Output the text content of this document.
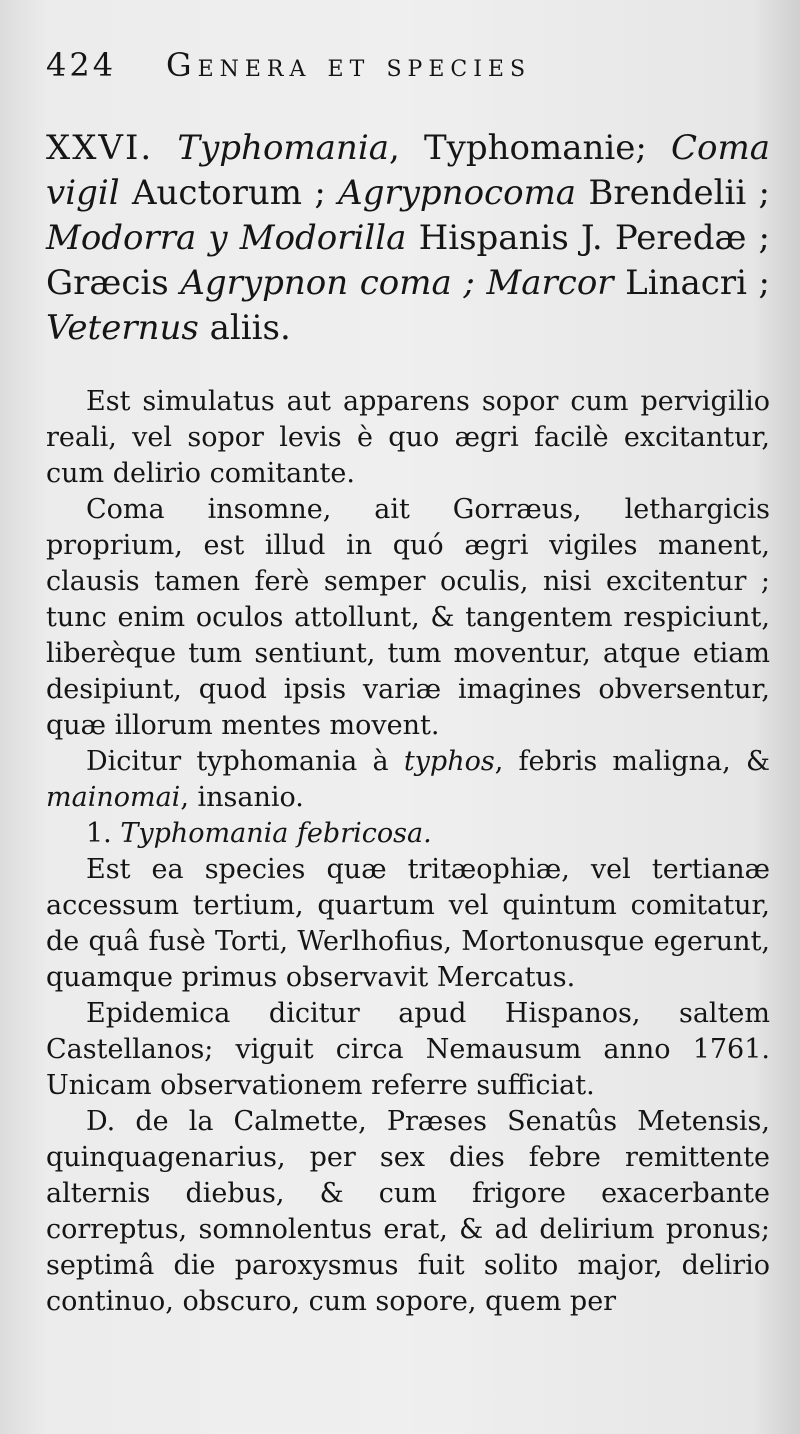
424 Genera et species
XXVI. Typhomania, Typhomanie; Coma vigil Auctorum ; Agrypnocoma Brendelii ; Modorra y Modorilla Hispanis J. Peredæ ; Græcis Agrypnon coma ; Marcor Linacri ; Veternus aliis.

Est simulatus aut apparens sopor cum pervigilio reali, vel sopor levis è quo ægri facilè excitantur, cum delirio comitante.

Coma insomne, ait Gorræus, lethargicis proprium, est illud in quó ægri vigiles manent, clausis tamen ferè semper oculis, nisi excitentur ; tunc enim oculos attollunt, & tangentem respiciunt, liberèque tum sentiunt, tum moventur, atque etiam desipiunt, quod ipsis variæ imagines obversentur, quæ illorum mentes movent.

Dicitur typhomania à typhos, febris maligna, & mainomai, insanio.

1. Typhomania febricosa.

Est ea species quæ tritæophiæ, vel tertianæ accessum tertium, quartum vel quintum comitatur, de quâ fusè Torti, Werlhofius, Mortonusque egerunt, quamque primus observavit Mercatus.

Epidemica dicitur apud Hispanos, saltem Castellanos; viguit circa Nemausum anno 1761. Unicam observationem referre sufficiat.

D. de la Calmette, Præses Senatûs Metensis, quinquagenarius, per sex dies febre remittente alternis diebus, & cum frigore exacerbante correptus, somnolentus erat, & ad delirium pronus; septimâ die paroxysmus fuit solito major, delirio continuo, obscuro, cum sopore, quem per
